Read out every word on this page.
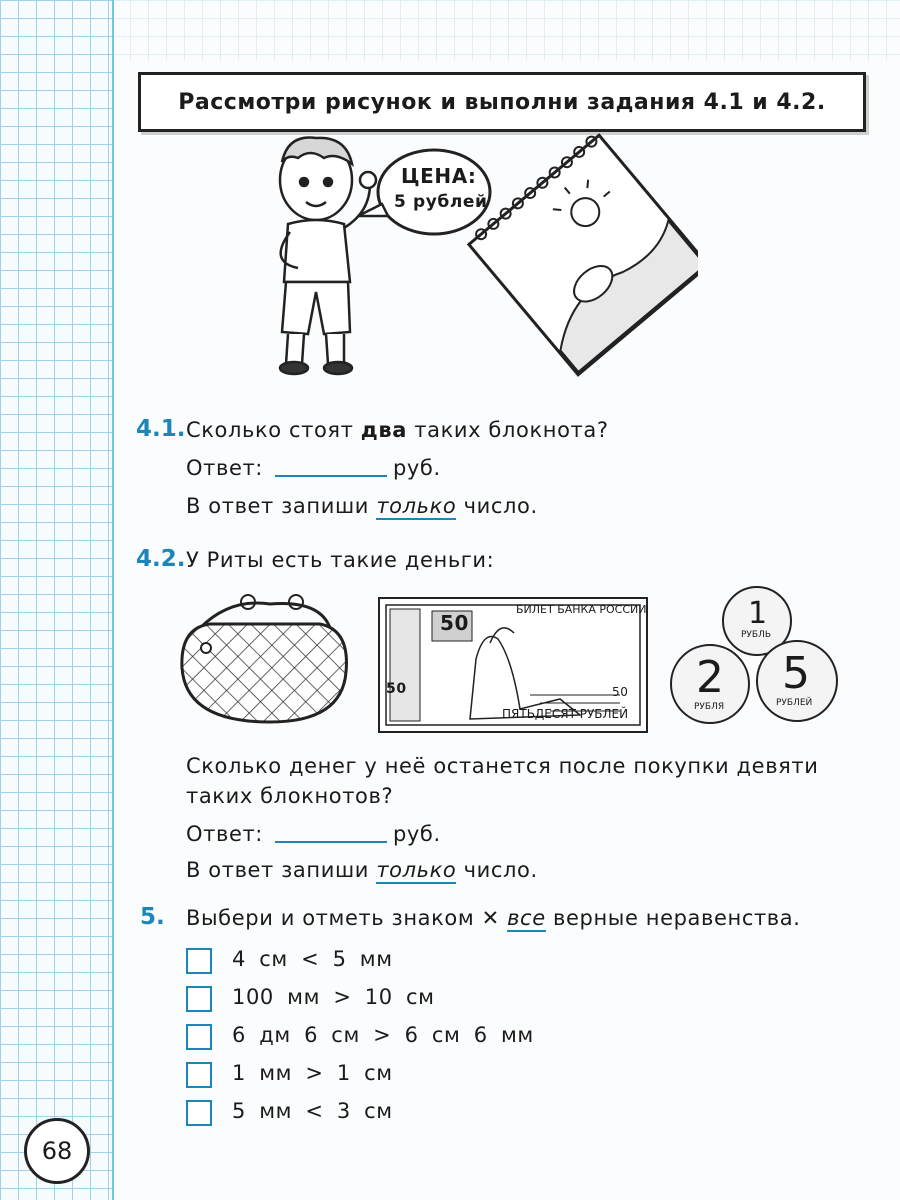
68
Рассмотри рисунок и выполни задания 4.1 и 4.2.
ЦЕНА:
5 рублей
4.1. Сколько стоят два таких блокнота?
Ответ:	руб.
В ответ запиши только число.
4.2. У Риты есть такие деньги:
50
БИЛЕТ БАНКА РОССИИ
50	50
ПЯТЬДЕСЯТ РУБЛЕЙ
1
РУБЛЬ
2
РУБЛЯ
5
РУБЛЕЙ
Сколько денег у неё останется после покупки девяти
таких блокнотов?
Ответ:	руб.
В ответ запиши только число.
5. Выбери и отметь знаком ✕ все верные неравенства.
4 см < 5 мм
100 мм > 10 см
6 дм 6 см > 6 см 6 мм
1 мм > 1 см
5 мм < 3 см
